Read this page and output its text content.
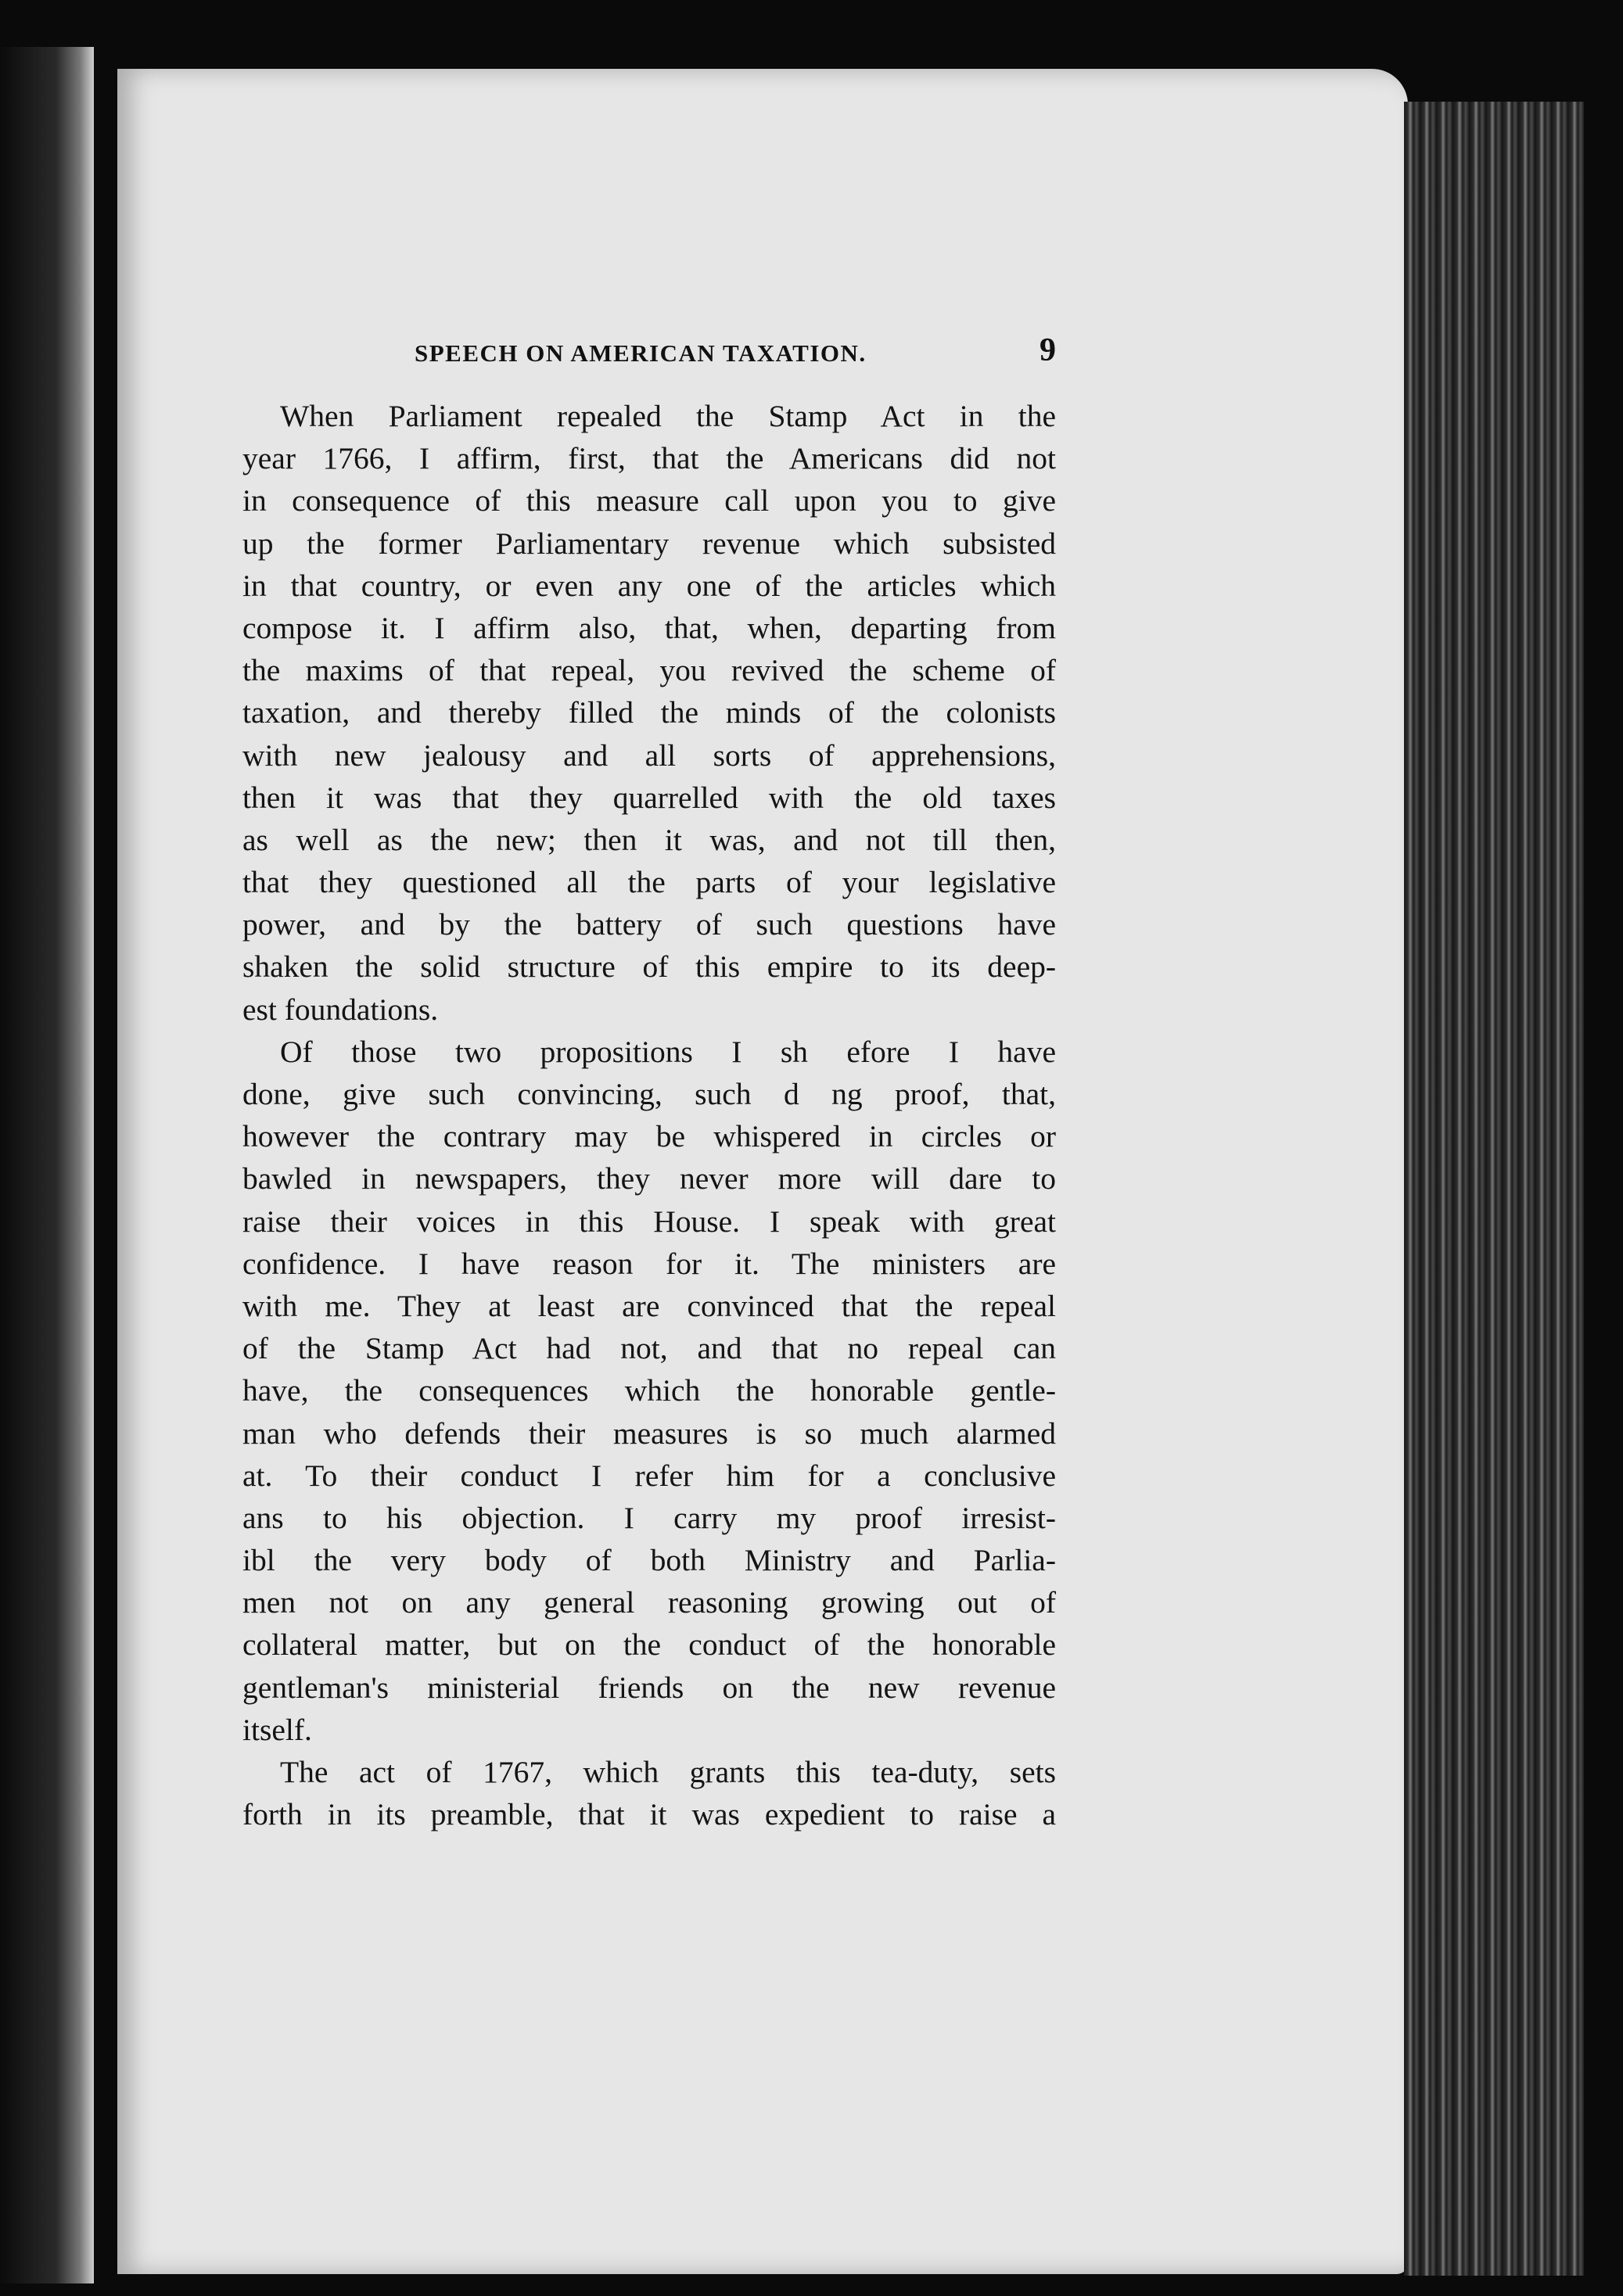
SPEECH ON AMERICAN TAXATION.	9

When Parliament repealed the Stamp Act in the
year 1766, I affirm, first, that the Americans did not
in consequence of this measure call upon you to give
up the former Parliamentary revenue which subsisted
in that country, or even any one of the articles which
compose it. I affirm also, that, when, departing from
the maxims of that repeal, you revived the scheme of
taxation, and thereby filled the minds of the colonists
with new jealousy and all sorts of apprehensions,
then it was that they quarrelled with the old taxes
as well as the new; then it was, and not till then,
that they questioned all the parts of your legislative
power, and by the battery of such questions have
shaken the solid structure of this empire to its deep-
est foundations.
Of those two propositions I sh efore I have
done, give such convincing, such d ng proof, that,
however the contrary may be whispered in circles or
bawled in newspapers, they never more will dare to
raise their voices in this House. I speak with great
confidence. I have reason for it. The ministers are
with me. They at least are convinced that the repeal
of the Stamp Act had not, and that no repeal can
have, the consequences which the honorable gentle-
man who defends their measures is so much alarmed
at. To their conduct I refer him for a conclusive
ans to his objection. I carry my proof irresist-
ibl the very body of both Ministry and Parlia-
men not on any general reasoning growing out of
collateral matter, but on the conduct of the honorable
gentleman's ministerial friends on the new revenue
itself.
The act of 1767, which grants this tea-duty, sets
forth in its preamble, that it was expedient to raise a
